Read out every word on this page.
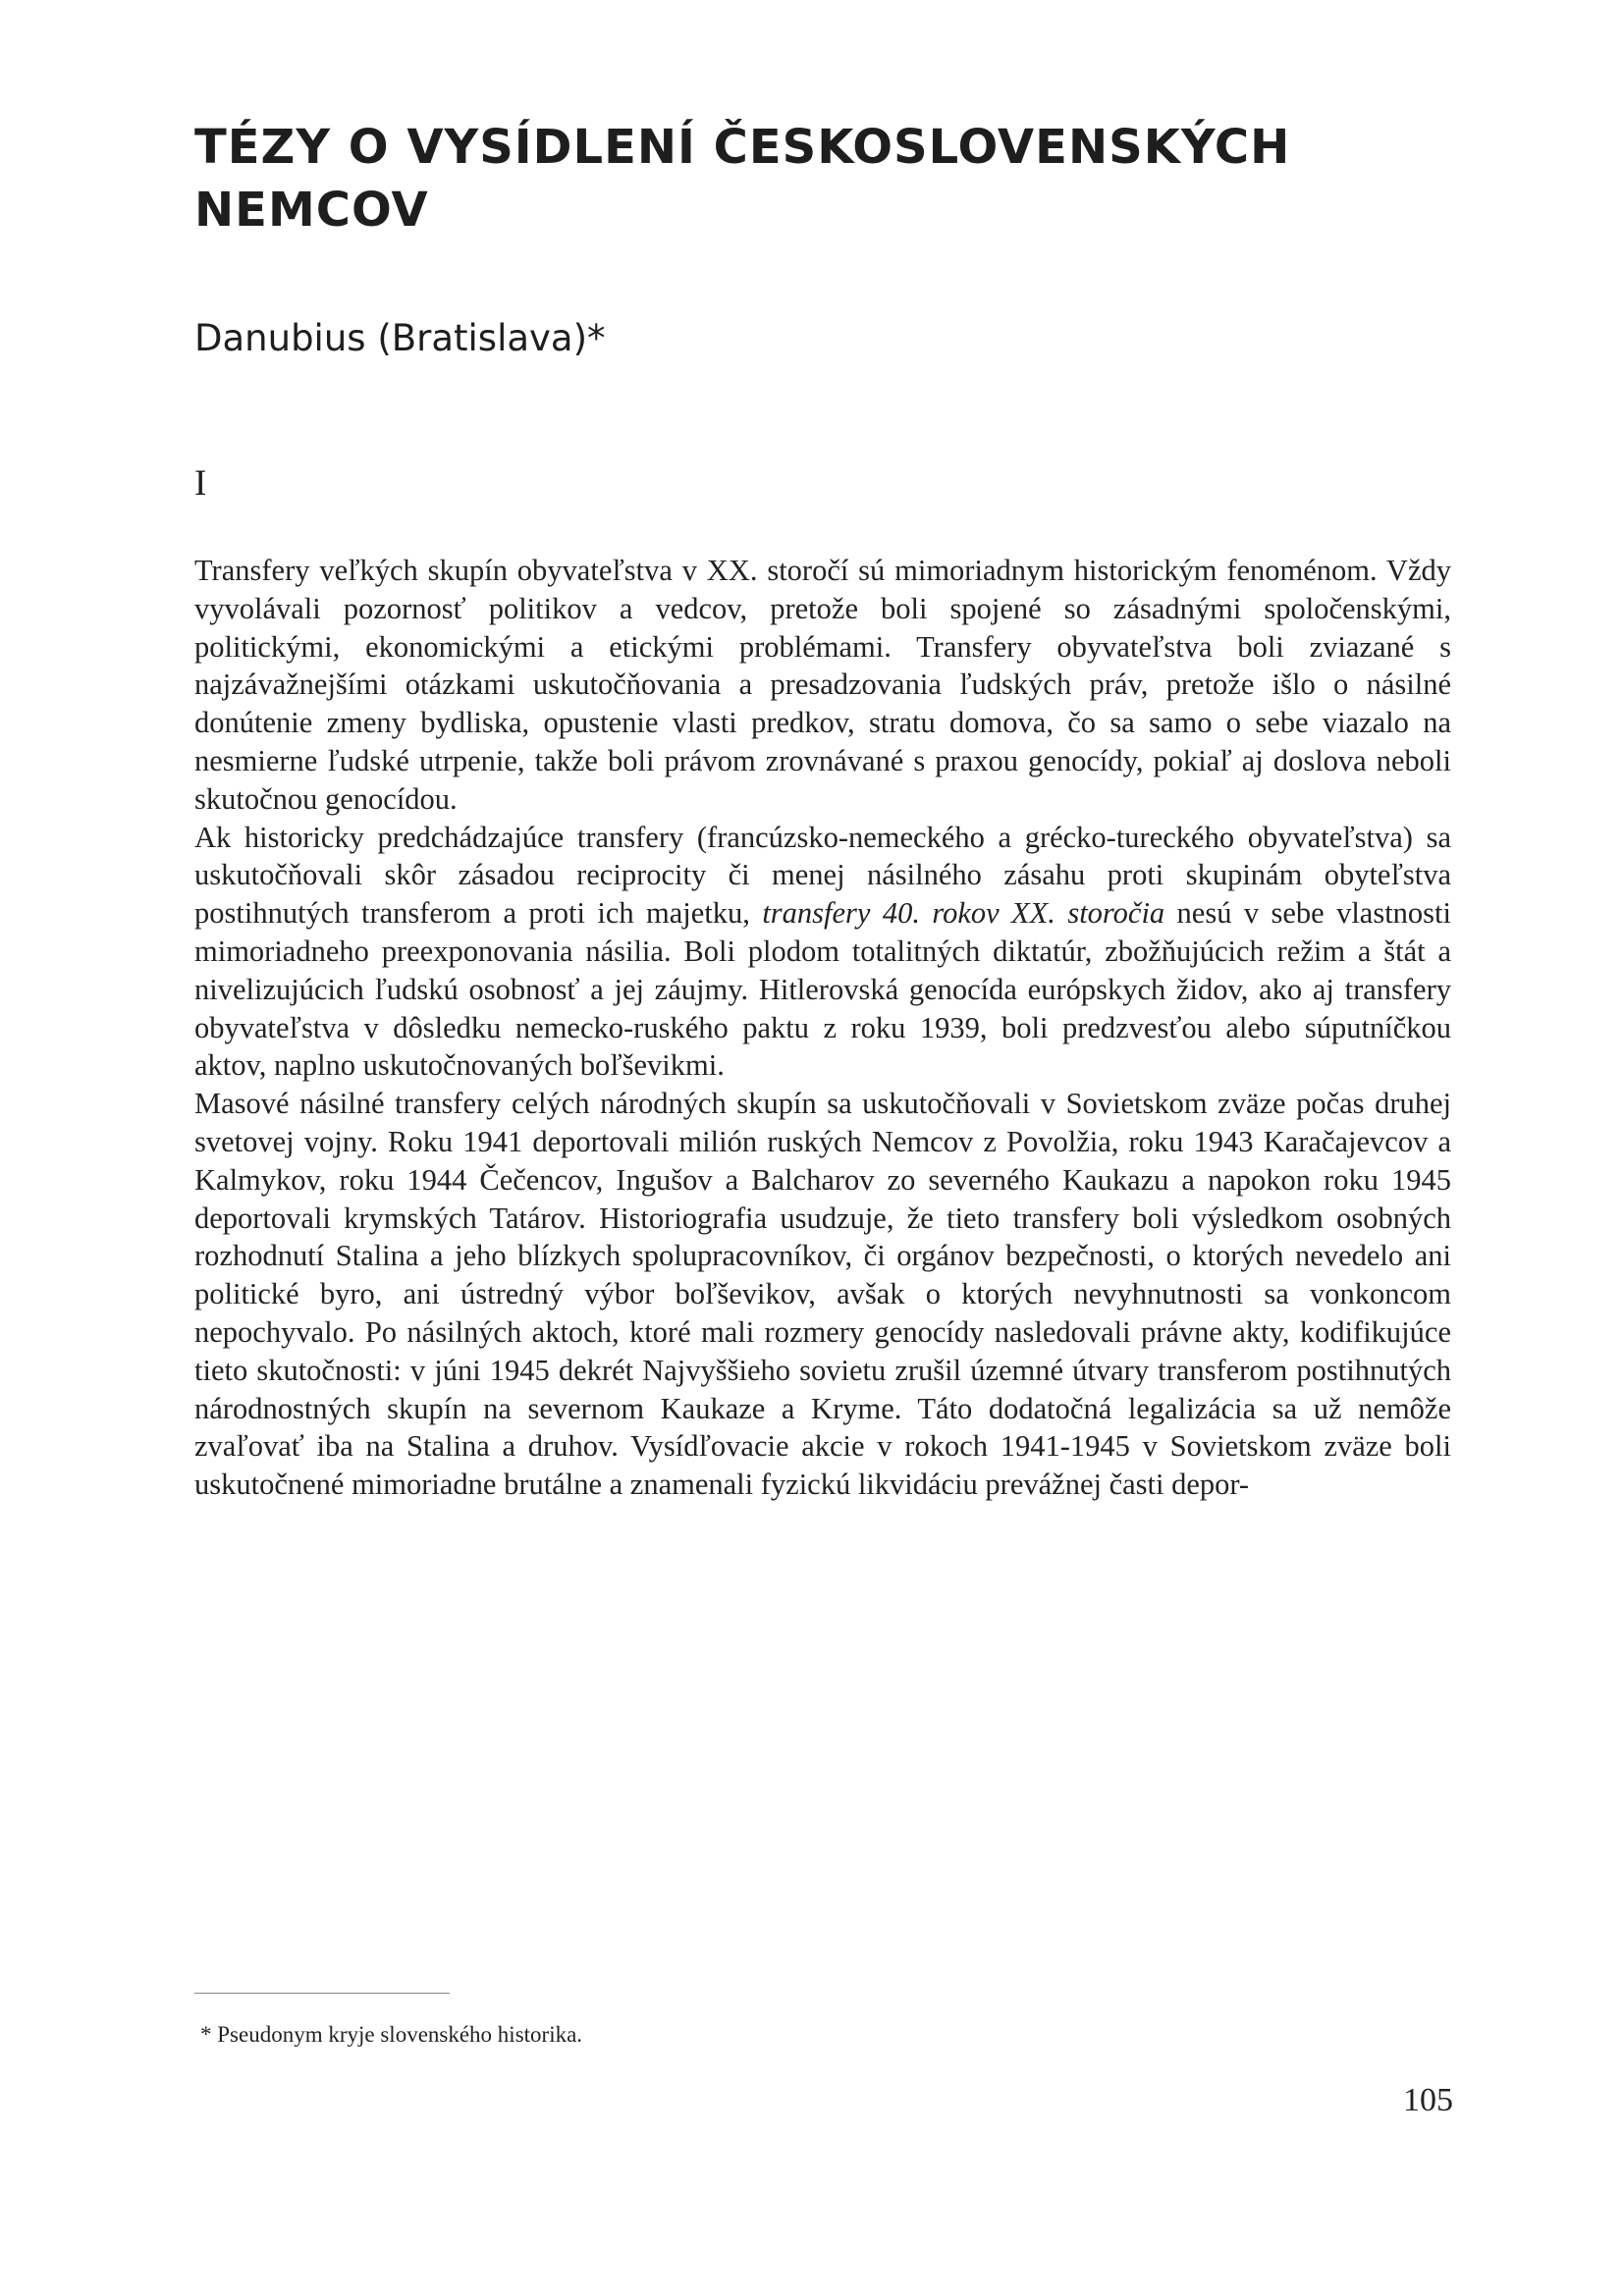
TÉZY O VYSÍDLENÍ ČESKOSLOVENSKÝCH
NEMCOV

Danubius (Bratislava)*

I

Transfery veľkých skupín obyvateľstva v XX. storočí sú mimoriadnym historickým fenoménom. Vždy vyvolávali pozornosť politikov a vedcov, pretože boli spojené so zásadnými spoločenskými, politickými, ekonomickými a etickými problémami. Transfery obyvateľstva boli zviazané s najzávažnejšími otázkami uskutočňovania a presadzovania ľudských práv, pretože išlo o násilné donútenie zmeny bydliska, opustenie vlasti predkov, stratu domova, čo sa samo o sebe viazalo na nesmierne ľudské utrpenie, takže boli právom zrovnávané s praxou genocídy, pokiaľ aj doslova neboli skutočnou genocídou.

Ak historicky predchádzajúce transfery (francúzsko-nemeckého a grécko-tureckého obyvateľstva) sa uskutočňovali skôr zásadou reciprocity či menej násilného zásahu proti skupinám obyteľstva postihnutých transferom a proti ich majetku, transfery 40. rokov XX. storočia nesú v sebe vlastnosti mimoriadneho preexponovania násilia. Boli plodom totalitných diktatúr, zbožňujúcich režim a štát a nivelizujúcich ľudskú osobnosť a jej záujmy. Hitlerovská genocída európskych židov, ako aj transfery obyvateľstva v dôsledku nemecko-ruského paktu z roku 1939, boli predzvesťou alebo súputníčkou aktov, naplno uskutočnovaných boľševikmi.

Masové násilné transfery celých národných skupín sa uskutočňovali v Sovietskom zväze počas druhej svetovej vojny. Roku 1941 deportovali milión ruských Nemcov z Povolžia, roku 1943 Karačajevcov a Kalmykov, roku 1944 Čečencov, Ingušov a Balcharov zo severného Kaukazu a napokon roku 1945 deportovali krymských Tatárov. Historiografia usudzuje, že tieto transfery boli výsledkom osobných rozhodnutí Stalina a jeho blízkych spolupracovníkov, či orgánov bezpečnosti, o ktorých nevedelo ani politické byro, ani ústredný výbor boľševikov, avšak o ktorých nevyhnutnosti sa vonkoncom nepochyvalo. Po násilných aktoch, ktoré mali rozmery genocídy nasledovali právne akty, kodifikujúce tieto skutočnosti: v júni 1945 dekrét Najvyššieho sovietu zrušil územné útvary transferom postihnutých národnostných skupín na severnom Kaukaze a Kryme. Táto dodatočná legalizácia sa už nemôže zvaľovať iba na Stalina a druhov. Vysídľovacie akcie v rokoch 1941-1945 v Sovietskom zväze boli uskutočnené mimoriadne brutálne a znamenali fyzickú likvidáciu prevážnej časti depor-

* Pseudonym kryje slovenského historika.

105
